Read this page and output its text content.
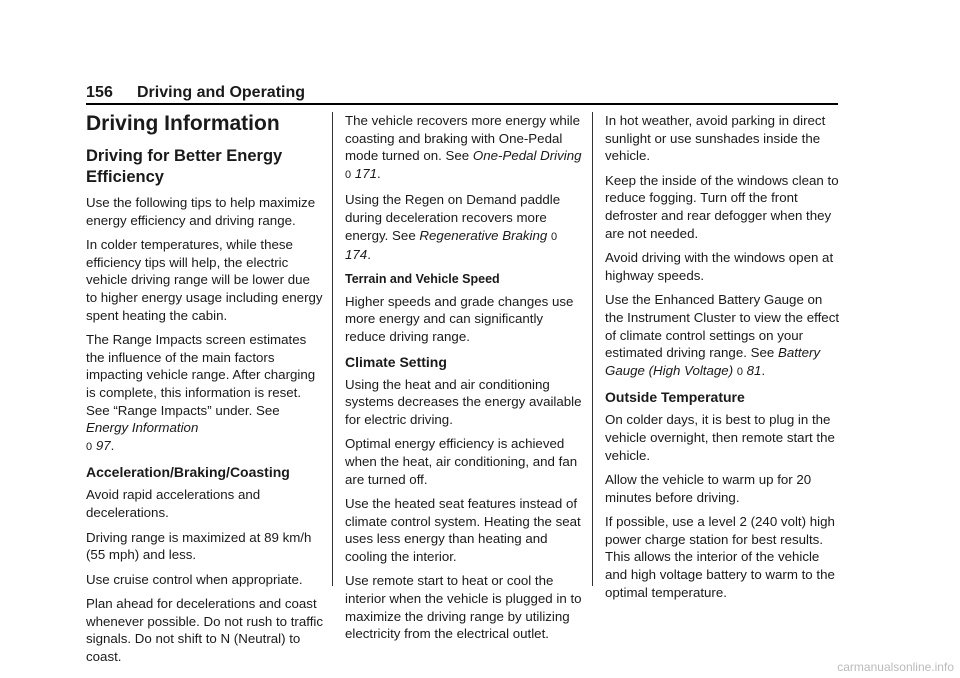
156 Driving and Operating
Driving Information
Driving for Better Energy
Efficiency

Use the following tips to help maximize energy efficiency and driving range.

In colder temperatures, while these efficiency tips will help, the electric vehicle driving range will be lower due to higher energy usage including energy spent heating the cabin.

The Range Impacts screen estimates the influence of the main factors impacting vehicle range. After charging is complete, this information is reset. See “Range Impacts” under. See Energy Information
0 97.

Acceleration/Braking/Coasting

Avoid rapid accelerations and decelerations.

Driving range is maximized at 89 km/h (55 mph) and less.

Use cruise control when appropriate.

Plan ahead for decelerations and coast whenever possible. Do not rush to traffic signals. Do not shift to N (Neutral) to coast.

The vehicle recovers more energy while coasting and braking with One-Pedal mode turned on. See One-Pedal Driving 0 171.

Using the Regen on Demand paddle during deceleration recovers more energy. See Regenerative Braking 0 174.

Terrain and Vehicle Speed

Higher speeds and grade changes use more energy and can significantly reduce driving range.

Climate Setting

Using the heat and air conditioning systems decreases the energy available for electric driving.

Optimal energy efficiency is achieved when the heat, air conditioning, and fan are turned off.

Use the heated seat features instead of climate control system. Heating the seat uses less energy than heating and cooling the interior.

Use remote start to heat or cool the interior when the vehicle is plugged in to maximize the driving range by utilizing electricity from the electrical outlet.

In hot weather, avoid parking in direct sunlight or use sunshades inside the vehicle.

Keep the inside of the windows clean to reduce fogging. Turn off the front defroster and rear defogger when they are not needed.

Avoid driving with the windows open at highway speeds.

Use the Enhanced Battery Gauge on the Instrument Cluster to view the effect of climate control settings on your estimated driving range. See Battery Gauge (High Voltage) 0 81.

Outside Temperature

On colder days, it is best to plug in the vehicle overnight, then remote start the vehicle.

Allow the vehicle to warm up for 20 minutes before driving.

If possible, use a level 2 (240 volt) high power charge station for best results. This allows the interior of the vehicle and high voltage battery to warm to the optimal temperature.

carmanualsonline.info
